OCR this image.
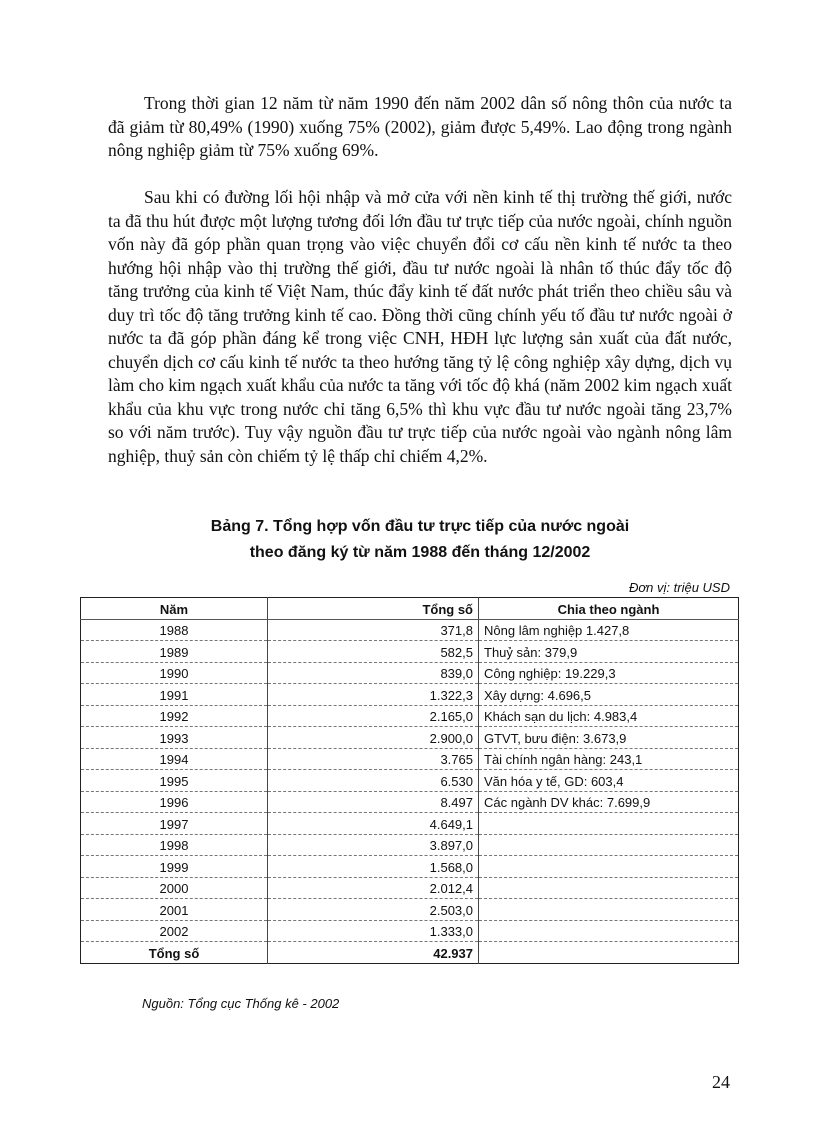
Trong thời gian 12 năm từ năm 1990 đến năm 2002 dân số nông thôn của nước ta đã giảm từ 80,49% (1990) xuống 75% (2002), giảm được 5,49%. Lao động trong ngành nông nghiệp giảm từ 75% xuống 69%.

Sau khi có đường lối hội nhập và mở cửa với nền kinh tế thị trường thế giới, nước ta đã thu hút được một lượng tương đối lớn đầu tư trực tiếp của nước ngoài, chính nguồn vốn này đã góp phần quan trọng vào việc chuyển đổi cơ cấu nền kinh tế nước ta theo hướng hội nhập vào thị trường thế giới, đầu tư nước ngoài là nhân tố thúc đẩy tốc độ tăng trưởng của kinh tế Việt Nam, thúc đẩy kinh tế đất nước phát triển theo chiều sâu và duy trì tốc độ tăng trưởng kinh tế cao. Đồng thời cũng chính yếu tố đầu tư nước ngoài ở nước ta đã góp phần đáng kể trong việc CNH, HĐH lực lượng sản xuất của đất nước, chuyển dịch cơ cấu kinh tế nước ta theo hướng tăng tỷ lệ công nghiệp xây dựng, dịch vụ làm cho kim ngạch xuất khẩu của nước ta tăng với tốc độ khá (năm 2002 kim ngạch xuất khẩu của khu vực trong nước chỉ tăng 6,5% thì khu vực đầu tư nước ngoài tăng 23,7% so với năm trước). Tuy vậy nguồn đầu tư trực tiếp của nước ngoài vào ngành nông lâm nghiệp, thuỷ sản còn chiếm tỷ lệ thấp chỉ chiếm 4,2%.

Bảng 7. Tổng hợp vốn đầu tư trực tiếp của nước ngoài
theo đăng ký từ năm 1988 đến tháng 12/2002
Đơn vị: triệu USD
Năm	Tổng số	Chia theo ngành
1988	371,8	Nông lâm nghiệp 1.427,8
1989	582,5	Thuỷ sản: 379,9
1990	839,0	Công nghiệp: 19.229,3
1991	1.322,3	Xây dựng: 4.696,5
1992	2.165,0	Khách sạn du lịch: 4.983,4
1993	2.900,0	GTVT, bưu điện: 3.673,9
1994	3.765	Tài chính ngân hàng: 243,1
1995	6.530	Văn hóa y tế, GD: 603,4
1996	8.497	Các ngành DV khác: 7.699,9
1997	4.649,1	
1998	3.897,0	
1999	1.568,0	
2000	2.012,4	
2001	2.503,0	
2002	1.333,0	
Tổng số	42.937	
Nguồn: Tổng cục Thống kê - 2002
24
